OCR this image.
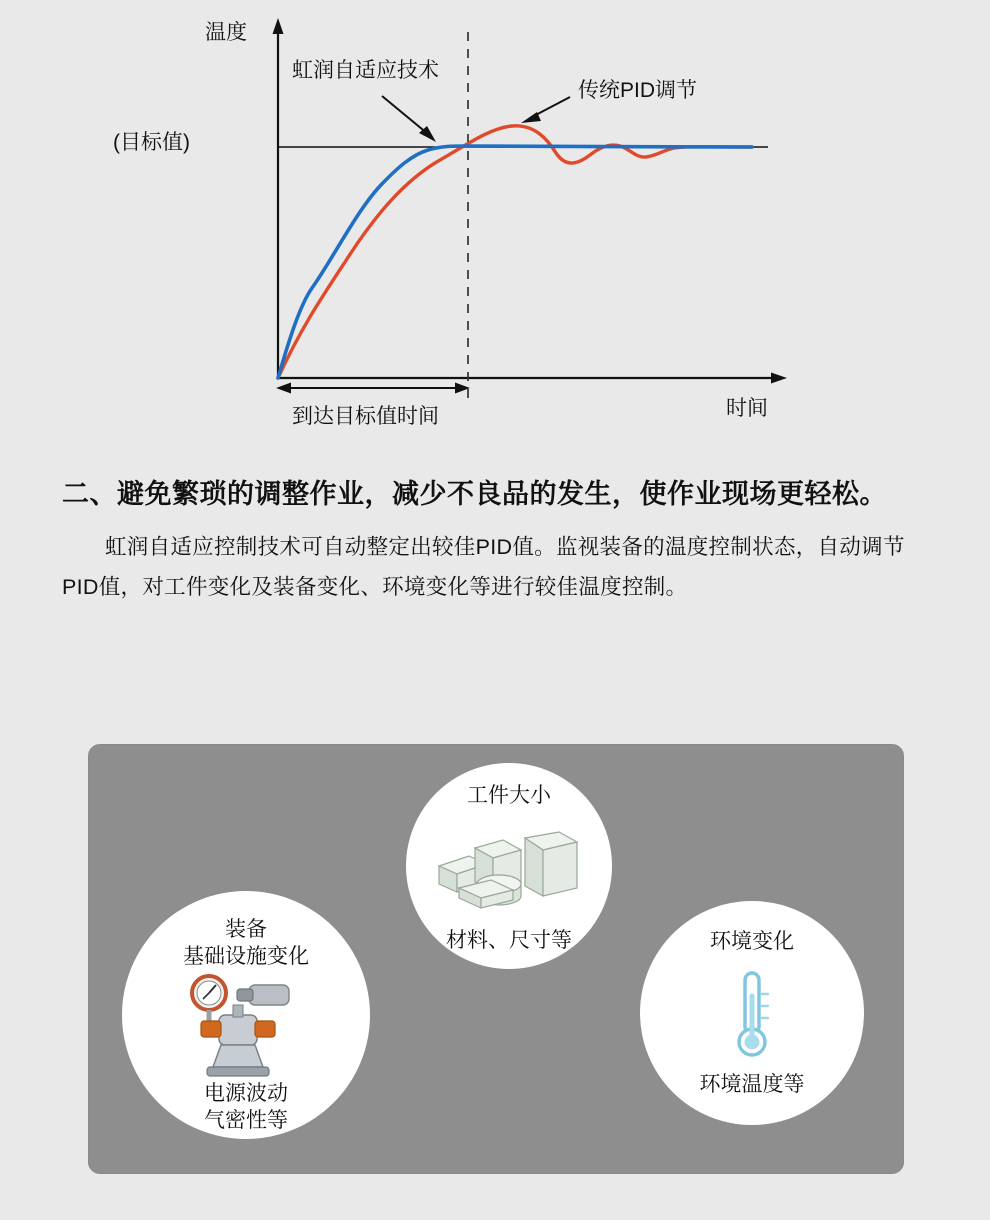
温度
(目标值)
虹润自适应技术
传统PID调节
时间
到达目标值时间
二、避免繁琐的调整作业，减少不良品的发生，使作业现场更轻松。

虹润自适应控制技术可自动整定出较佳PID值。监视装备的温度控制状态，自动调节PID值，对工件变化及装备变化、环境变化等进行较佳温度控制。

工件大小
材料、尺寸等
装备
基础设施变化
电源波动
气密性等
环境变化
环境温度等
